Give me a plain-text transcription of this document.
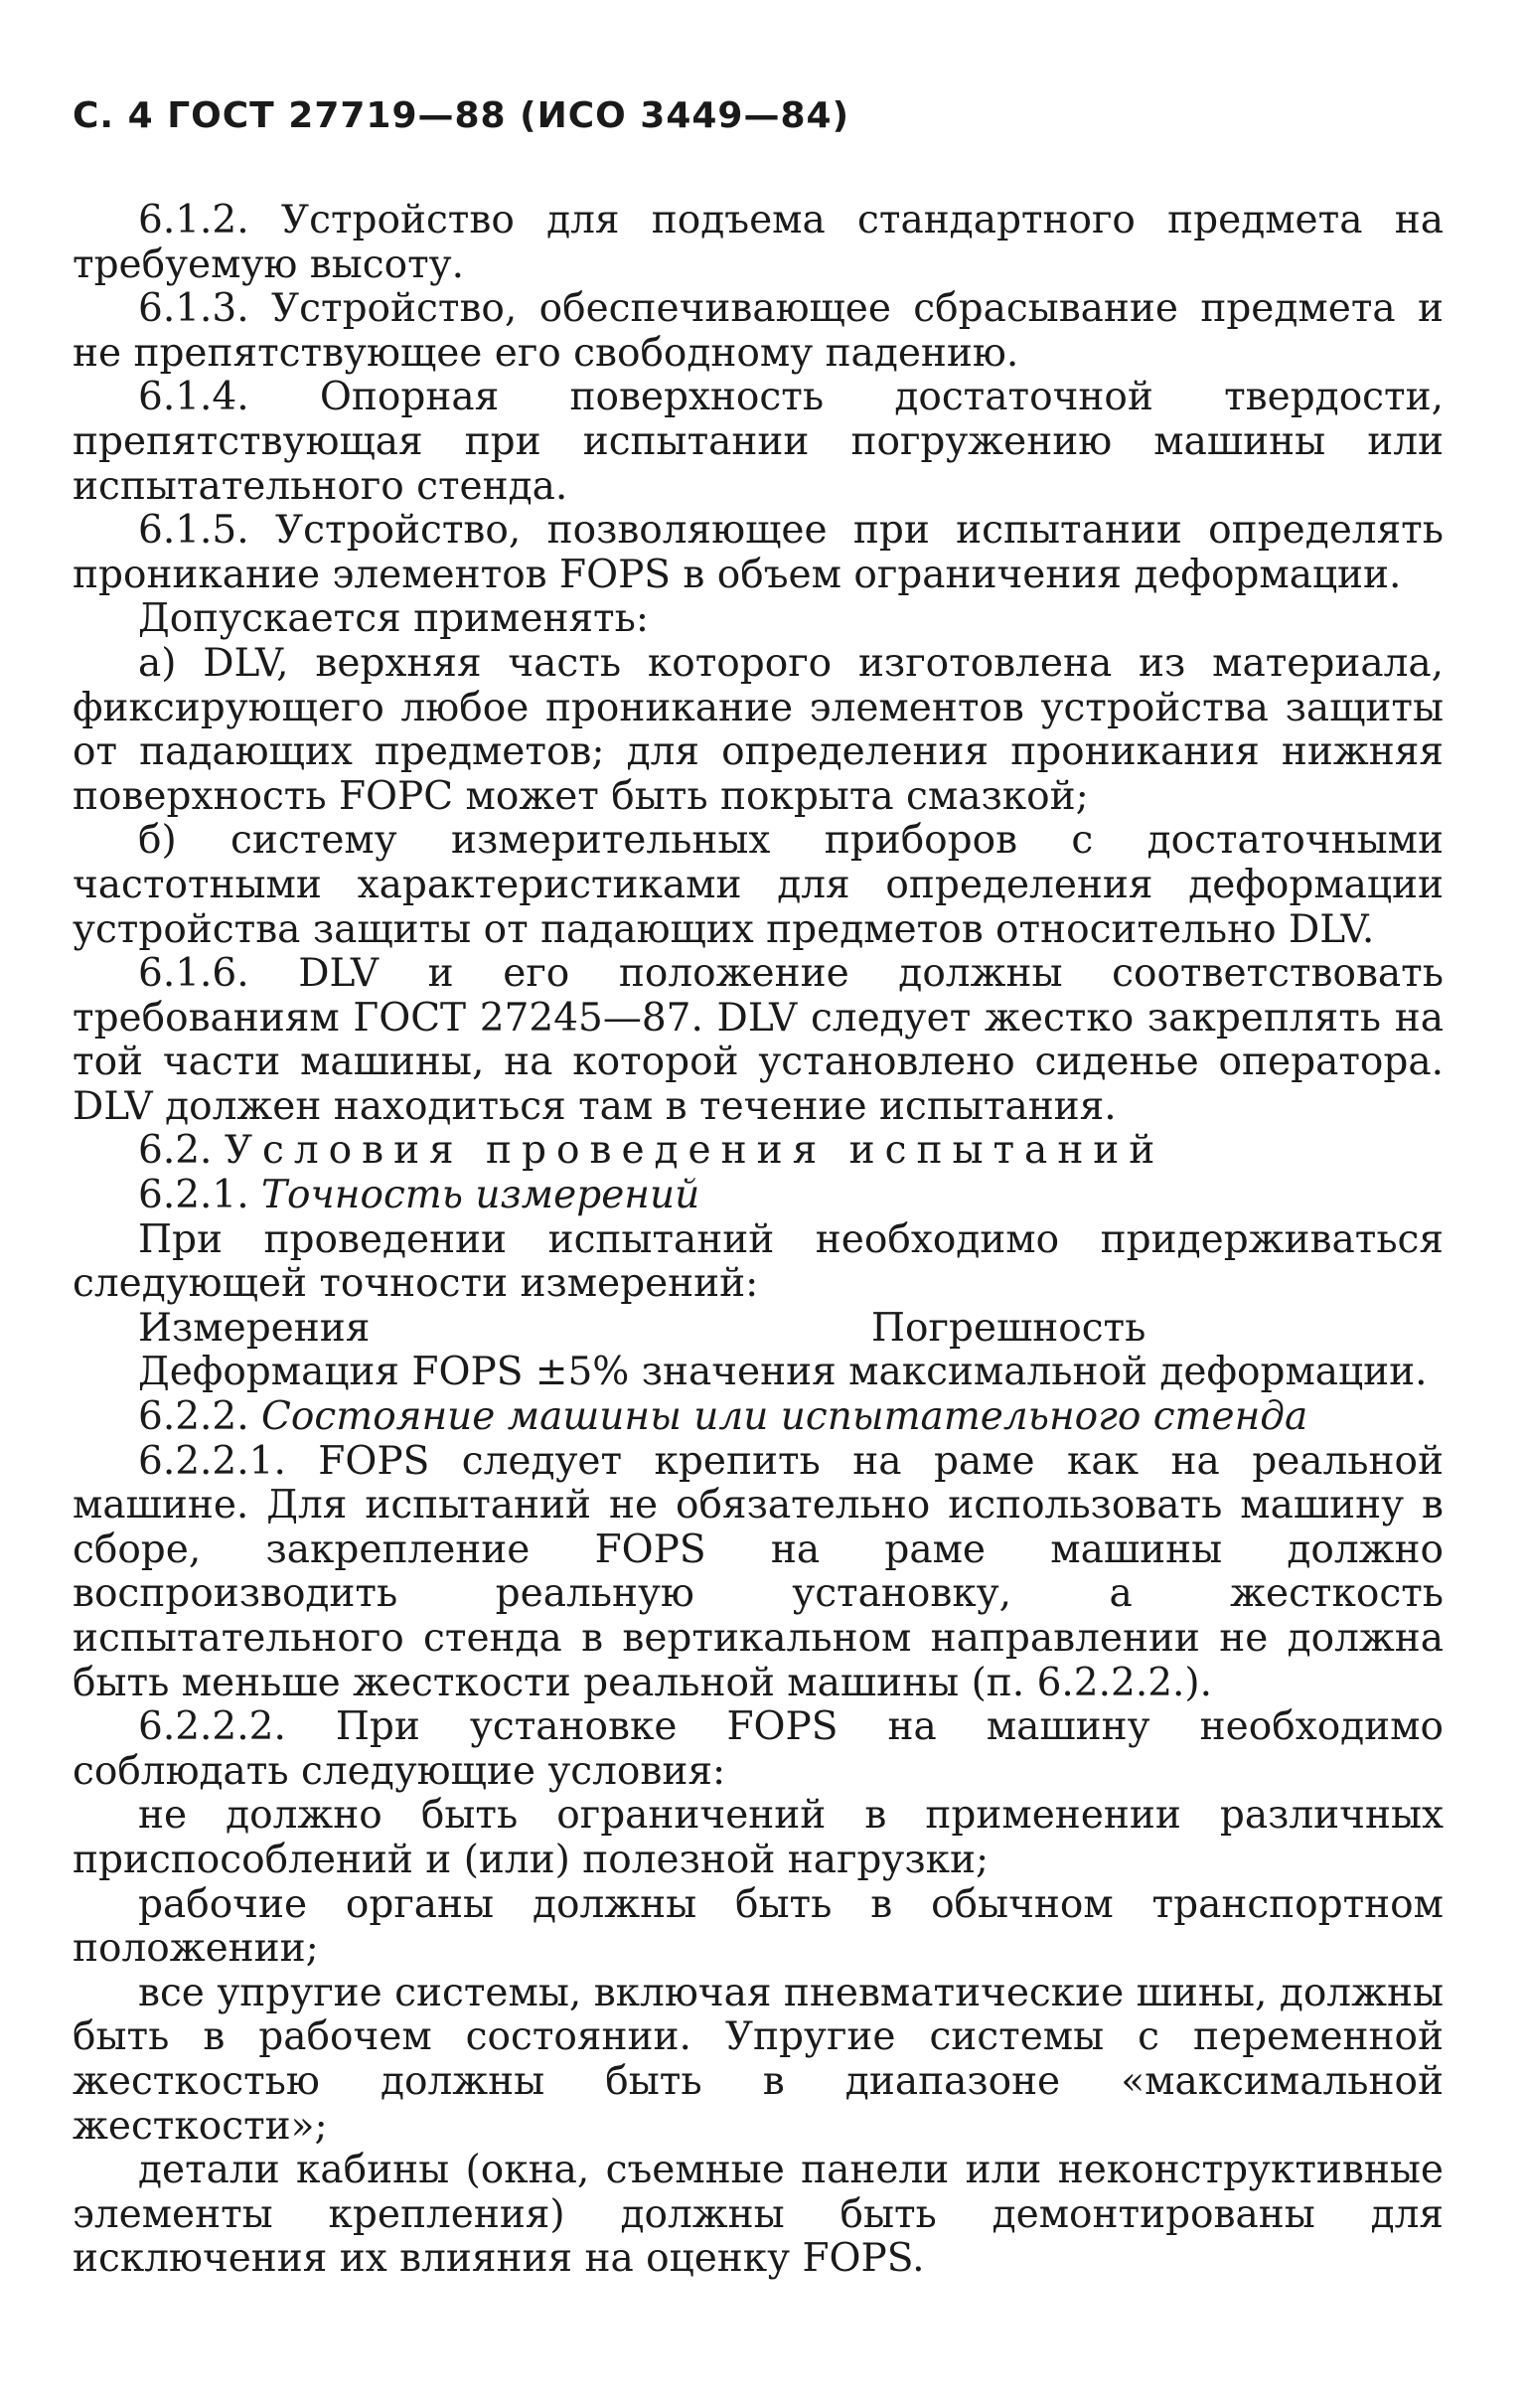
С. 4 ГОСТ 27719—88 (ИСО 3449—84)

6.1.2. Устройство для подъема стандартного предмета на требуемую высоту.

6.1.3. Устройство, обеспечивающее сбрасывание предмета и не препятствующее его свободному падению.

6.1.4. Опорная поверхность достаточной твердости, препятствующая при испытании погружению машины или испытательного стенда.

6.1.5. Устройство, позволяющее при испытании определять проникание элементов FOPS в объем ограничения деформации.

Допускается применять:

а) DLV, верхняя часть которого изготовлена из материала, фиксирующего любое проникание элементов устройства защиты от падающих предметов; для определения проникания нижняя поверхность FOPC может быть покрыта смазкой;

б) систему измерительных приборов с достаточными частотными характеристиками для определения деформации устройства защиты от падающих предметов относительно DLV.

6.1.6. DLV и его положение должны соответствовать требованиям ГОСТ 27245—87. DLV следует жестко закреплять на той части машины, на которой установлено сиденье оператора. DLV должен находиться там в течение испытания.

6.2. Условия проведения испытаний

6.2.1. Точность измерений

При проведении испытаний необходимо придерживаться следующей точности измерений:

Измерения	Погрешность

Деформация FOPS ±5% значения максимальной деформации.

6.2.2. Состояние машины или испытательного стенда

6.2.2.1. FOPS следует крепить на раме как на реальной машине. Для испытаний не обязательно использовать машину в сборе, закрепление FOPS на раме машины должно воспроизводить реальную установку, а жесткость испытательного стенда в вертикальном направлении не должна быть меньше жесткости реальной машины (п. 6.2.2.2.).

6.2.2.2. При установке FOPS на машину необходимо соблюдать следующие условия:

не должно быть ограничений в применении различных приспособлений и (или) полезной нагрузки;

рабочие органы должны быть в обычном транспортном положении;

все упругие системы, включая пневматические шины, должны быть в рабочем состоянии. Упругие системы с переменной жесткостью должны быть в диапазоне «максимальной жесткости»;

детали кабины (окна, съемные панели или неконструктивные элементы крепления) должны быть демонтированы для исключения их влияния на оценку FOPS.
